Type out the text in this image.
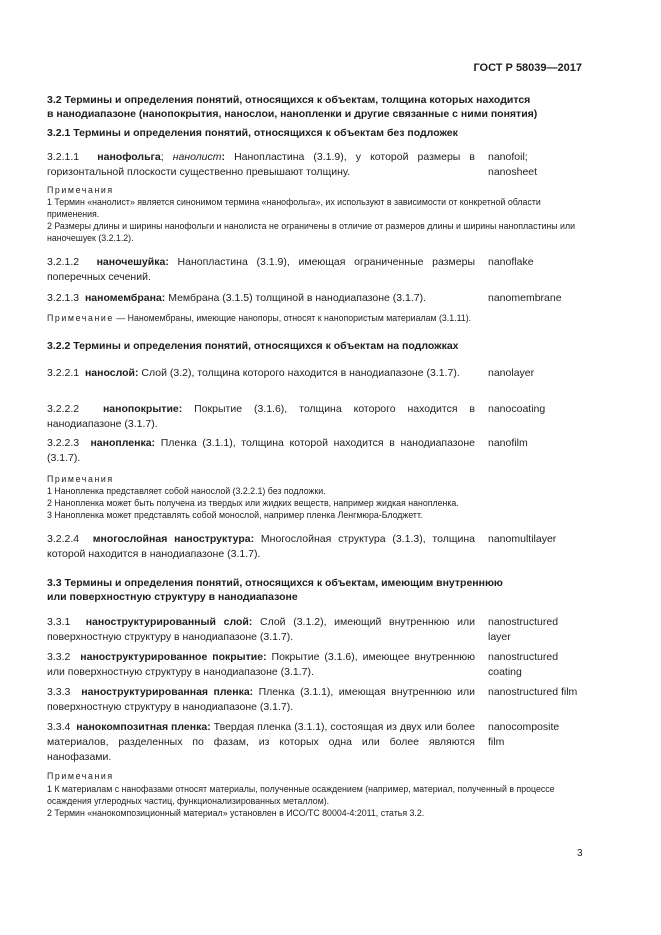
ГОСТ Р 58039—2017
3.2 Термины и определения понятий, относящихся к объектам, толщина которых находится
в нанодиапазоне (нанопокрытия, нанослои, нанопленки и другие связанные с ними понятия)
3.2.1 Термины и определения понятий, относящихся к объектам без подложек
3.2.1.1 нанофольга; нанолист: Нанопластина (3.1.9), у которой размеры в горизонтальной плоскости существенно превышают толщину.
nanofoil;
nanosheet
Примечания
1 Термин «нанолист» является синонимом термина «нанофольга», их используют в зависимости от конкретной области применения.
2 Размеры длины и ширины нанофольги и нанолиста не ограничены в отличие от размеров длины и ширины нанопластины или наночешуек (3.2.1.2).
3.2.1.2 наночешуйка: Нанопластина (3.1.9), имеющая ограниченные размеры поперечных сечений.
nanoflake
3.2.1.3 наномембрана: Мембрана (3.1.5) толщиной в нанодиапазоне (3.1.7).	nanomembrane
Примечание — Наномембраны, имеющие нанопоры, относят к нанопористым материалам (3.1.11).
3.2.2 Термины и определения понятий, относящихся к объектам на подложках
3.2.2.1 нанослой: Слой (3.2), толщина которого находится в нанодиапазоне (3.1.7).	nanolayer
3.2.2.2 нанопокрытие: Покрытие (3.1.6), толщина которого находится в нанодиапазоне (3.1.7).
nanocoating
3.2.2.3 нанопленка: Пленка (3.1.1), толщина которой находится в нанодиапазоне (3.1.7).
nanofilm
Примечания
1 Нанопленка представляет собой нанослой (3.2.2.1) без подложки.
2 Нанопленка может быть получена из твердых или жидких веществ, например жидкая нанопленка.
3 Нанопленка может представлять собой монослой, например пленка Ленгмюра-Блоджетт.
3.2.2.4 многослойная наноструктура: Многослойная структура (3.1.3), толщина которой находится в нанодиапазоне (3.1.7).
nanomultilayer
3.3 Термины и определения понятий, относящихся к объектам, имеющим внутреннюю
или поверхностную структуру в нанодиапазоне
3.3.1 наноструктурированный слой: Слой (3.1.2), имеющий внутреннюю или поверхностную структуру в нанодиапазоне (3.1.7).
nanostructured
layer
3.3.2 наноструктурированное покрытие: Покрытие (3.1.6), имеющее внутреннюю или поверхностную структуру в нанодиапазоне (3.1.7).
nanostructured
coating
3.3.3 наноструктурированная пленка: Пленка (3.1.1), имеющая внутреннюю или поверхностную структуру в нанодиапазоне (3.1.7).
nanostructured film
3.3.4 нанокомпозитная пленка: Твердая пленка (3.1.1), состоящая из двух или более материалов, разделенных по фазам, из которых одна или более являются нанофазами.
nanocomposite
film
Примечания
1 К материалам с нанофазами относят материалы, полученные осаждением (например, материал, полученный в процессе осаждения углеродных частиц, функционализированных металлом).
2 Термин «нанокомпозиционный материал» установлен в ИСО/ТС 80004-4:2011, статья 3.2.
3
